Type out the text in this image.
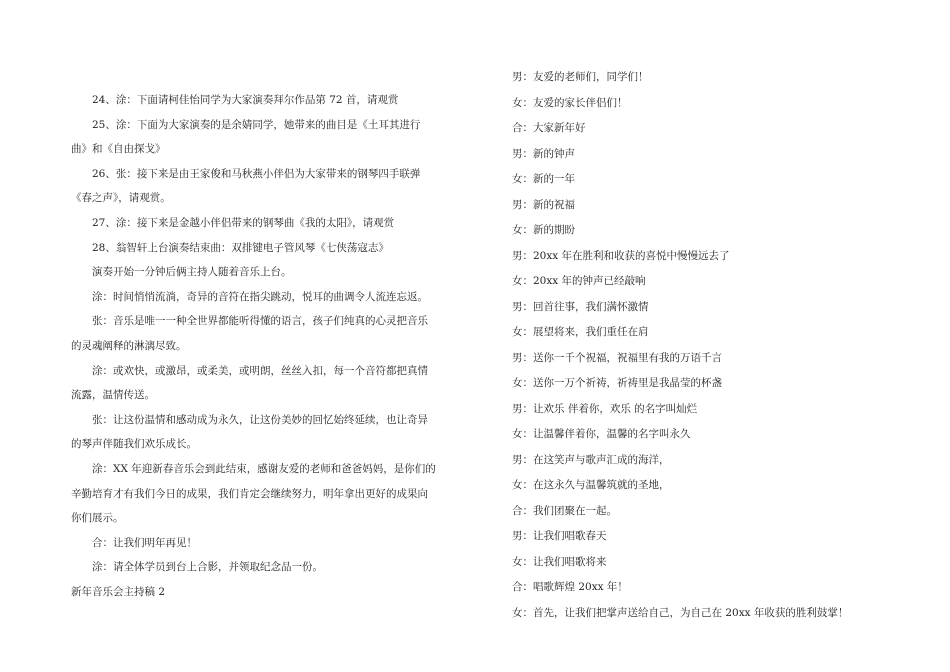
24、涂：下面请柯佳怡同学为大家演奏拜尔作品第 72 首，请观赏
25、涂：下面为大家演奏的是余婧同学，她带来的曲目是《土耳其进行
曲》和《自由探戈》
26、张：接下来是由王家俊和马秋燕小伴侣为大家带来的钢琴四手联弹
《春之声》，请观赏。
27、涂：接下来是金越小伴侣带来的钢琴曲《我的太阳》，请观赏
28、翁智轩上台演奏结束曲：双排键电子管风琴《七侠荡寇志》
演奏开始一分钟后俩主持人随着音乐上台。
涂：时间悄悄流淌，奇异的音符在指尖跳动，悦耳的曲调令人流连忘返。
张：音乐是唯一一种全世界都能听得懂的语言，孩子们纯真的心灵把音乐
的灵魂阐释的淋漓尽致。
涂：或欢快，或激昂，或柔美，或明朗，丝丝入扣，每一个音符都把真情
流露，温情传送。
张：让这份温情和感动成为永久，让这份美妙的回忆始终延续，也让奇异
的琴声伴随我们欢乐成长。
涂：XX 年迎新春音乐会到此结束，感谢友爱的老师和爸爸妈妈，是你们的
辛勤培育才有我们今日的成果，我们肯定会继续努力，明年拿出更好的成果向
你们展示。
合：让我们明年再见！
涂：请全体学员到台上合影，并领取纪念品一份。
新年音乐会主持稿 2
男：友爱的老师们，同学们！
女：友爱的家长伴侣们！
合：大家新年好
男：新的钟声
女：新的一年
男：新的祝福
女：新的期盼
男：20xx 年在胜利和收获的喜悦中慢慢远去了
女：20xx 年的钟声已经敲响
男：回首往事，我们满怀激情
女：展望将来，我们重任在肩
男：送你一千个祝福，祝福里有我的万语千言
女：送你一万个祈祷，祈祷里是我晶莹的杯盏
男：让欢乐 伴着你，欢乐 的名字叫灿烂
女：让温馨伴着你，温馨的名字叫永久
男：在这笑声与歌声汇成的海洋，
女：在这永久与温馨筑就的圣地，
合：我们团聚在一起。
男：让我们唱歌春天
女：让我们唱歌将来
合：唱歌辉煌 20xx 年！
女：首先，让我们把掌声送给自己，为自己在 20xx 年收获的胜利鼓掌！
